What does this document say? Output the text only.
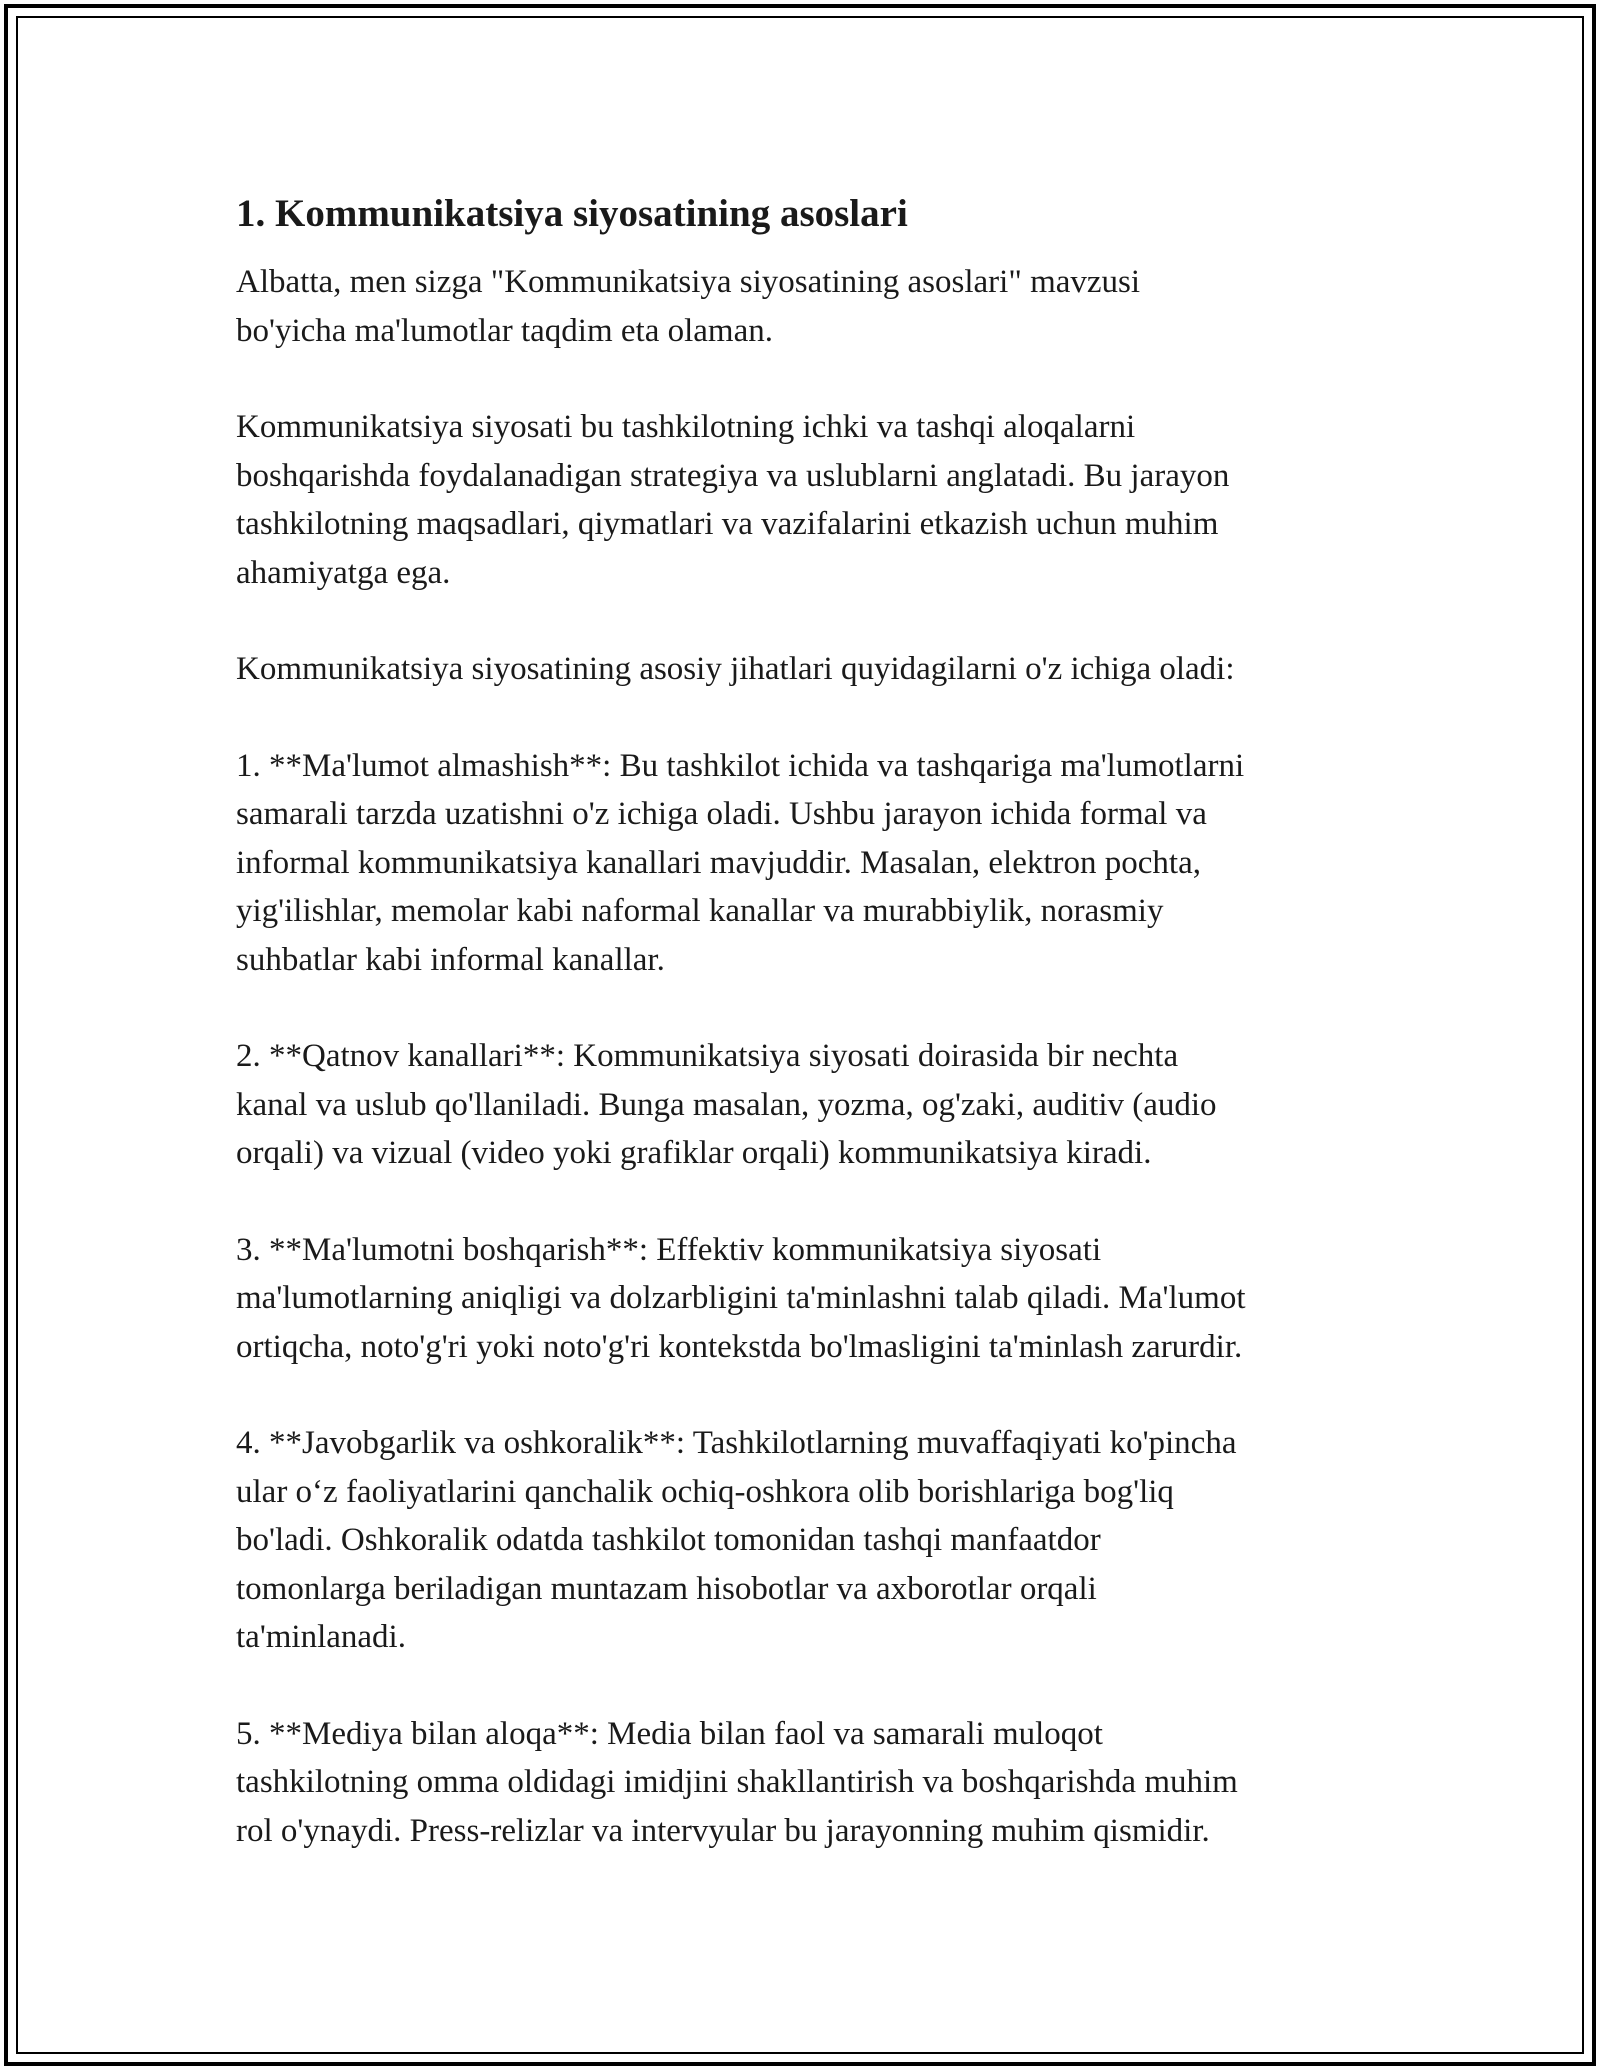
1. Kommunikatsiya siyosatining asoslari

Albatta, men sizga "Kommunikatsiya siyosatining asoslari" mavzusi
bo'yicha ma'lumotlar taqdim eta olaman.

Kommunikatsiya siyosati bu tashkilotning ichki va tashqi aloqalarni
boshqarishda foydalanadigan strategiya va uslublarni anglatadi. Bu jarayon
tashkilotning maqsadlari, qiymatlari va vazifalarini etkazish uchun muhim
ahamiyatga ega.

Kommunikatsiya siyosatining asosiy jihatlari quyidagilarni o'z ichiga oladi:

1. **Ma'lumot almashish**: Bu tashkilot ichida va tashqariga ma'lumotlarni
samarali tarzda uzatishni o'z ichiga oladi. Ushbu jarayon ichida formal va
informal kommunikatsiya kanallari mavjuddir. Masalan, elektron pochta,
yig'ilishlar, memolar kabi naformal kanallar va murabbiylik, norasmiy
suhbatlar kabi informal kanallar.

2. **Qatnov kanallari**: Kommunikatsiya siyosati doirasida bir nechta
kanal va uslub qo'llaniladi. Bunga masalan, yozma, og'zaki, auditiv (audio
orqali) va vizual (video yoki grafiklar orqali) kommunikatsiya kiradi.

3. **Ma'lumotni boshqarish**: Effektiv kommunikatsiya siyosati
ma'lumotlarning aniqligi va dolzarbligini ta'minlashni talab qiladi. Ma'lumot
ortiqcha, noto'g'ri yoki noto'g'ri kontekstda bo'lmasligini ta'minlash zarurdir.

4. **Javobgarlik va oshkoralik**: Tashkilotlarning muvaffaqiyati ko'pincha
ular o‘z faoliyatlarini qanchalik ochiq-oshkora olib borishlariga bog'liq
bo'ladi. Oshkoralik odatda tashkilot tomonidan tashqi manfaatdor
tomonlarga beriladigan muntazam hisobotlar va axborotlar orqali
ta'minlanadi.

5. **Mediya bilan aloqa**: Media bilan faol va samarali muloqot
tashkilotning omma oldidagi imidjini shakllantirish va boshqarishda muhim
rol o'ynaydi. Press-relizlar va intervyular bu jarayonning muhim qismidir.
